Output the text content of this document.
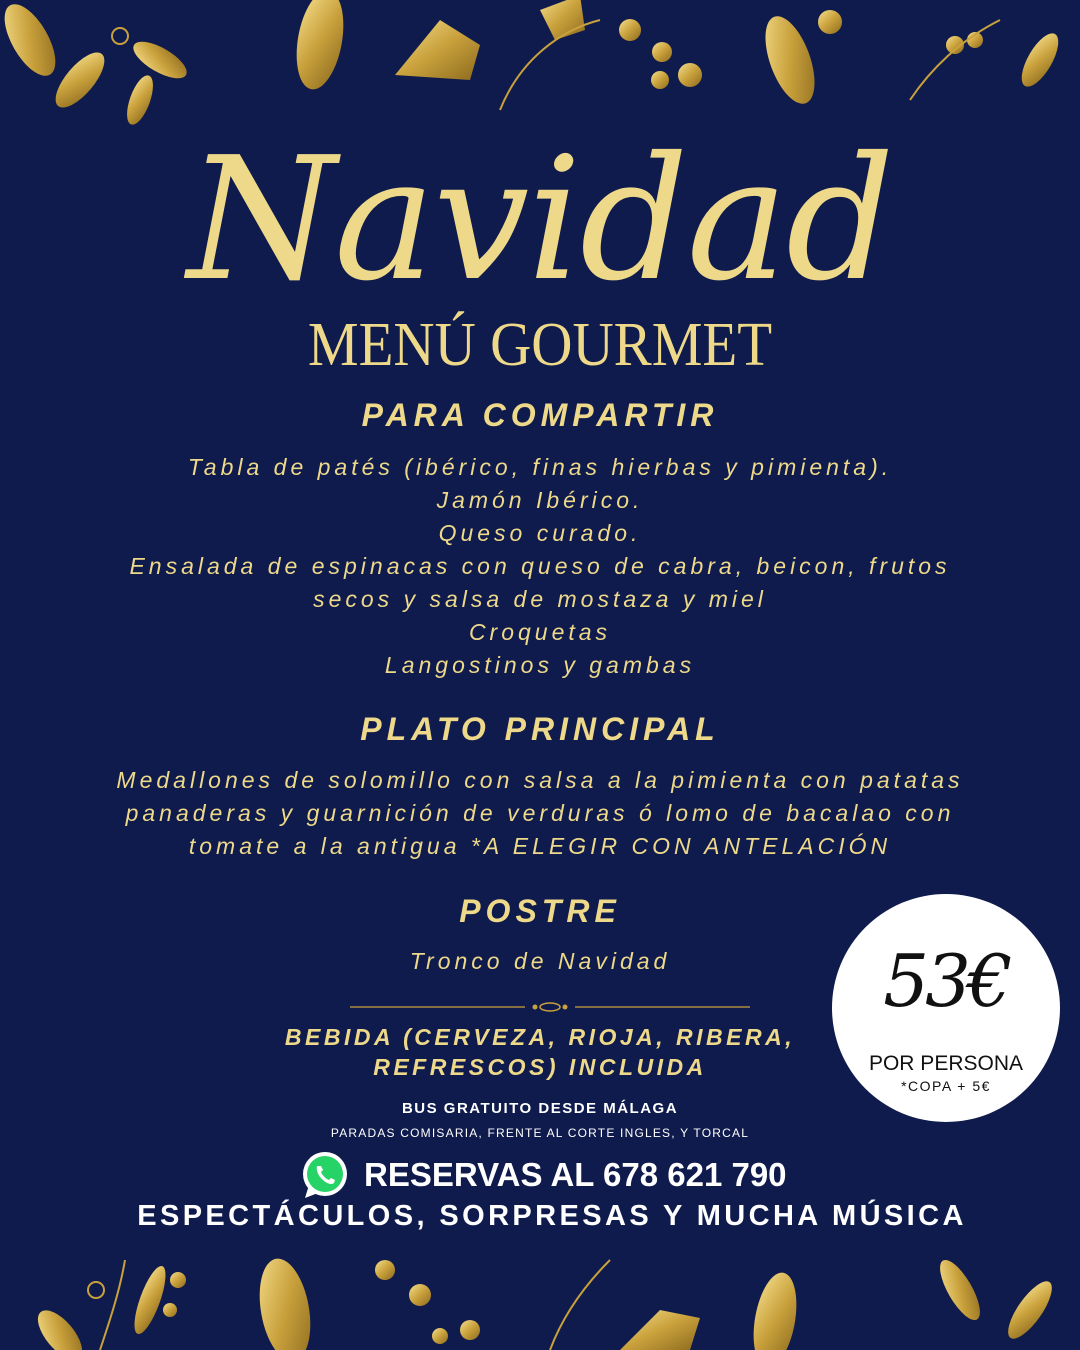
Navidad
MENÚ GOURMET
PARA COMPARTIR
Tabla de patés (ibérico, finas hierbas y pimienta).
Jamón Ibérico.
Queso curado.
Ensalada de espinacas con queso de cabra, beicon, frutos
secos y salsa de mostaza y miel
Croquetas
Langostinos y gambas
PLATO PRINCIPAL
Medallones de solomillo con salsa a la pimienta con patatas
panaderas y guarnición de verduras ó lomo de bacalao con
tomate a la antigua *A ELEGIR CON ANTELACIÓN
POSTRE
Tronco de Navidad
BEBIDA (CERVEZA, RIOJA, RIBERA,
REFRESCOS) INCLUIDA
BUS GRATUITO DESDE MÁLAGA
PARADAS COMISARIA, FRENTE AL CORTE INGLES, Y TORCAL
RESERVAS AL 678 621 790
ESPECTÁCULOS, SORPRESAS Y MUCHA MÚSICA
53€
POR PERSONA
*COPA + 5€
